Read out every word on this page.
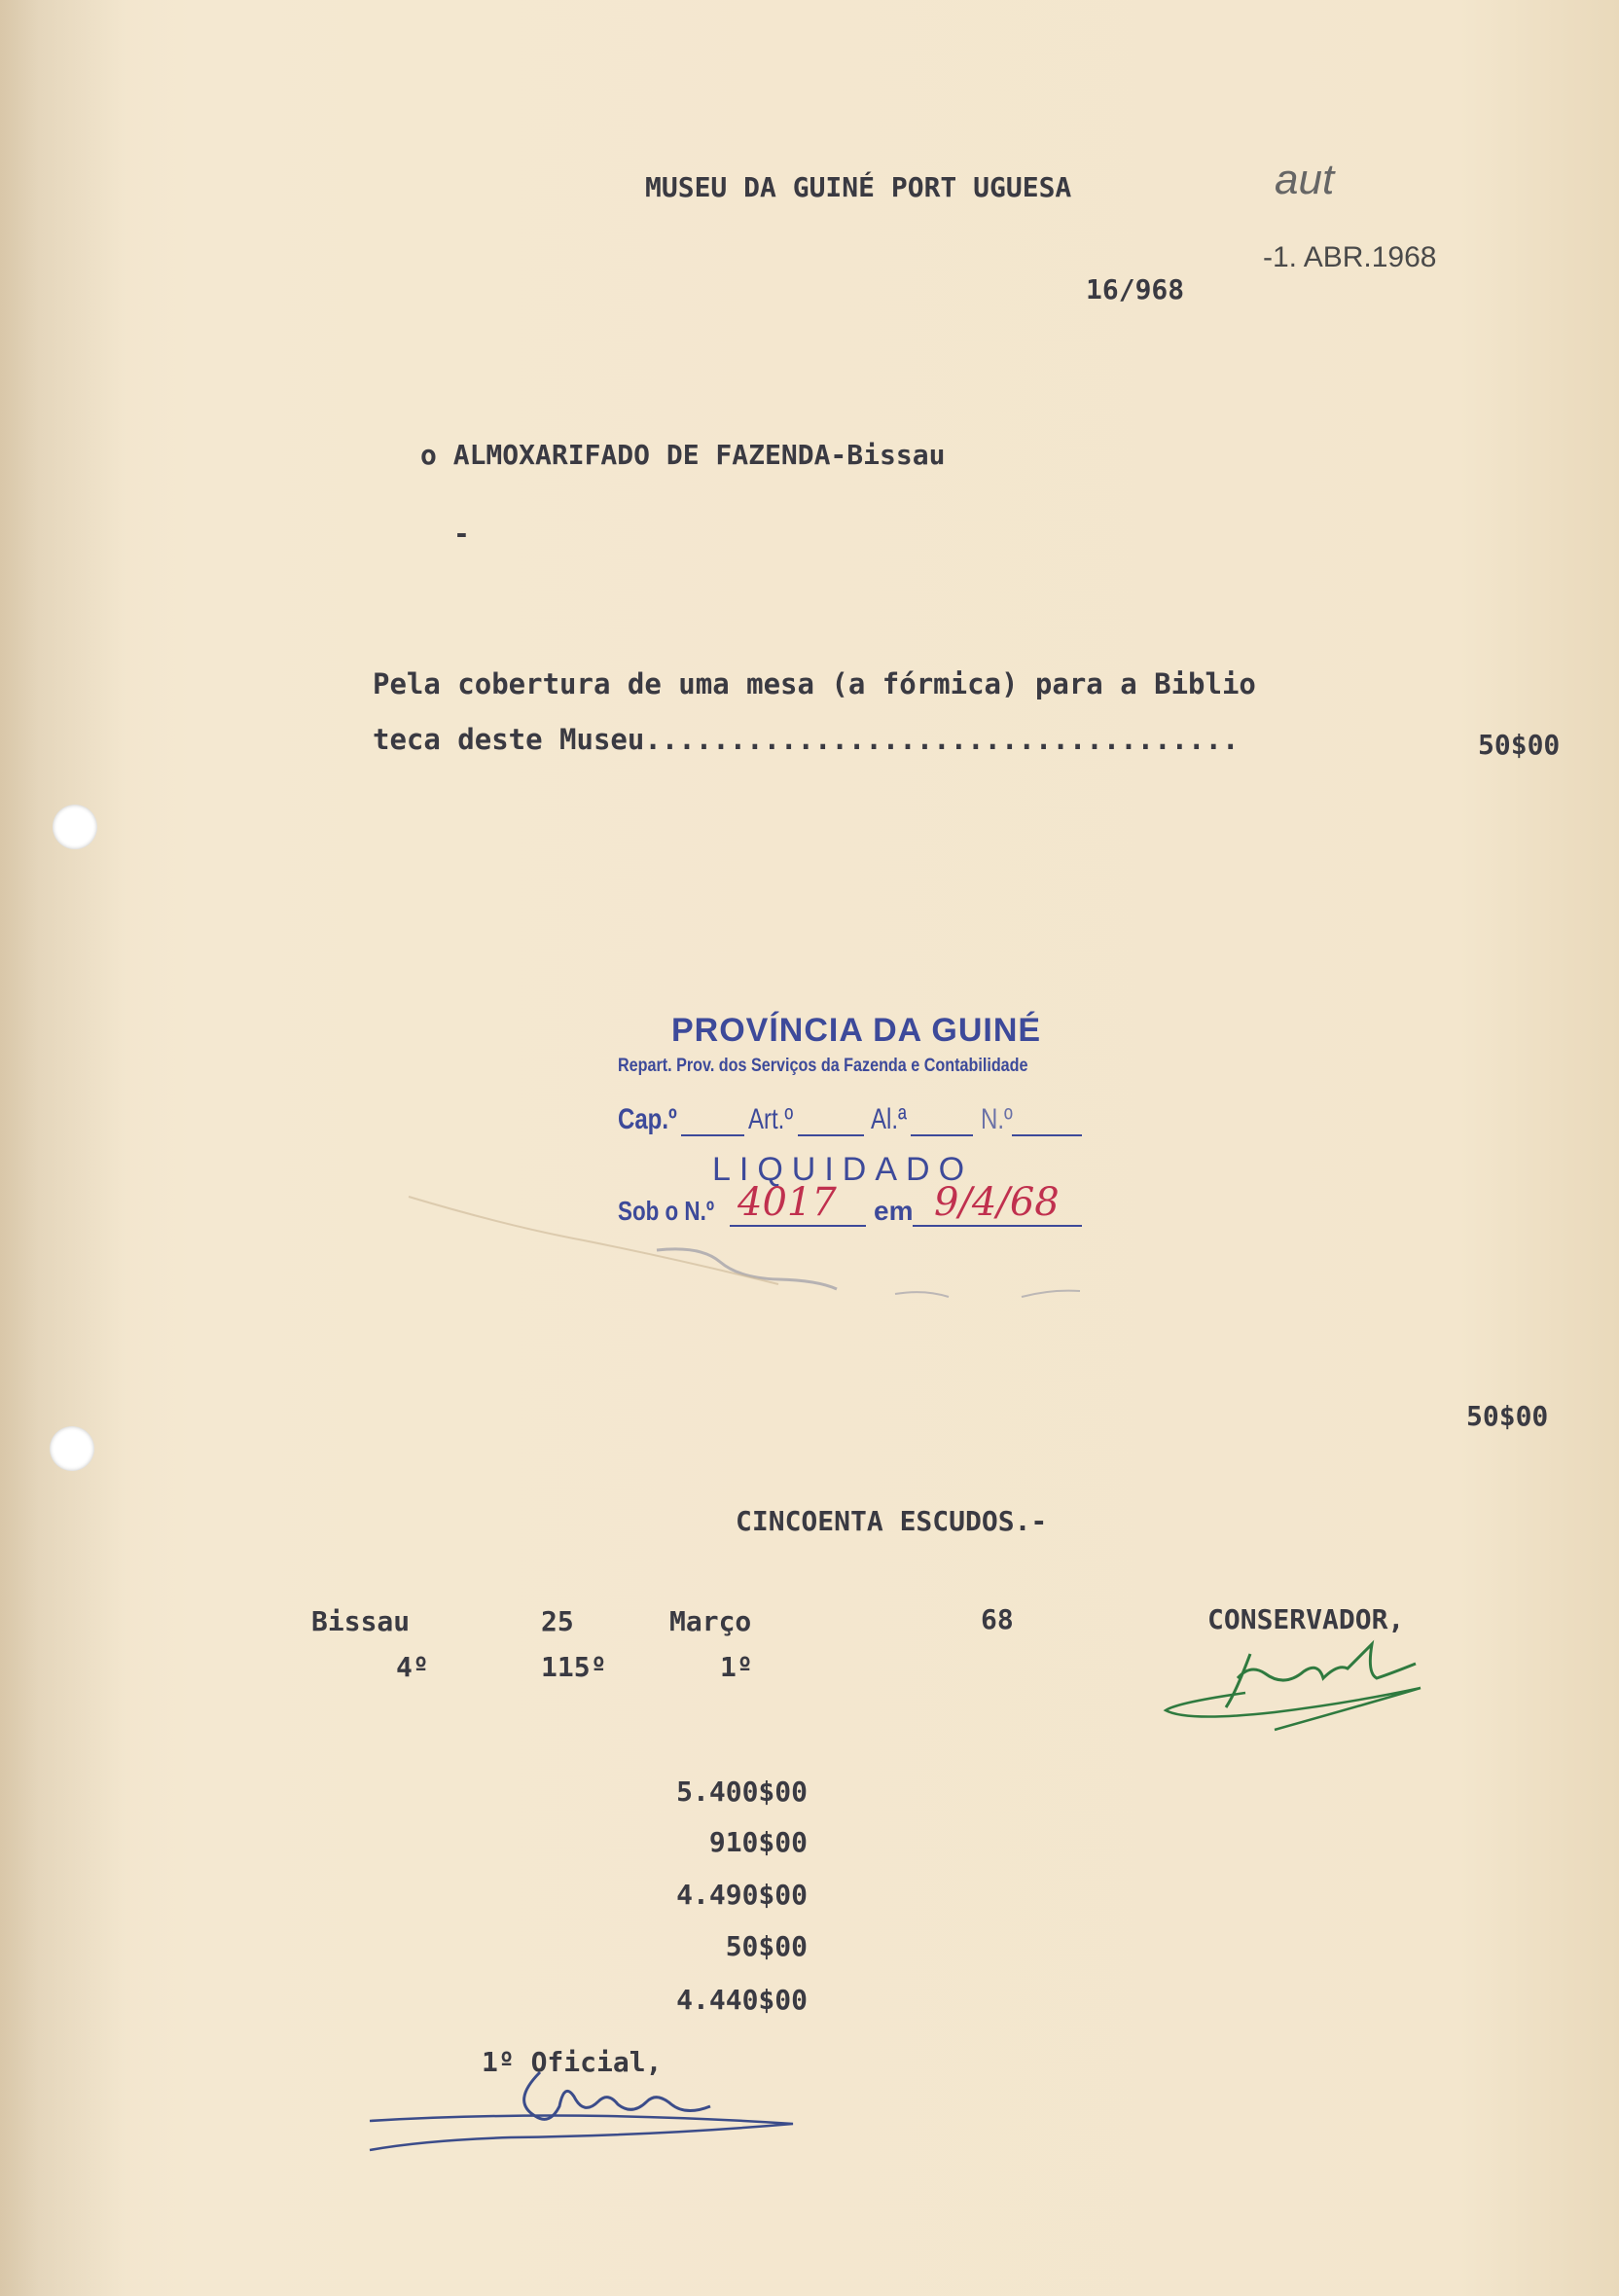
MUSEU DA GUINÉ PORT UGUESA	aut
-1. ABR.1968
16/968
o ALMOXARIFADO DE FAZENDA-Bissau
-
Pela cobertura de uma mesa (a fórmica) para a Biblio
teca deste Museu...................................	50$00
PROVÍNCIA DA GUINÉ
Repart. Prov. dos Serviços da Fazenda e Contabilidade
Cap.º Art.º	Al.ª	N.º
LIQUIDADO
Sob o N.º 4017 em 9/4/68
50$00
CINCOENTA ESCUDOS.-
Bissau	25	Março	68	CONSERVADOR,
4º	115º	1º
5.400$00
910$00
4.490$00
50$00
4.440$00
1º Oficial,
